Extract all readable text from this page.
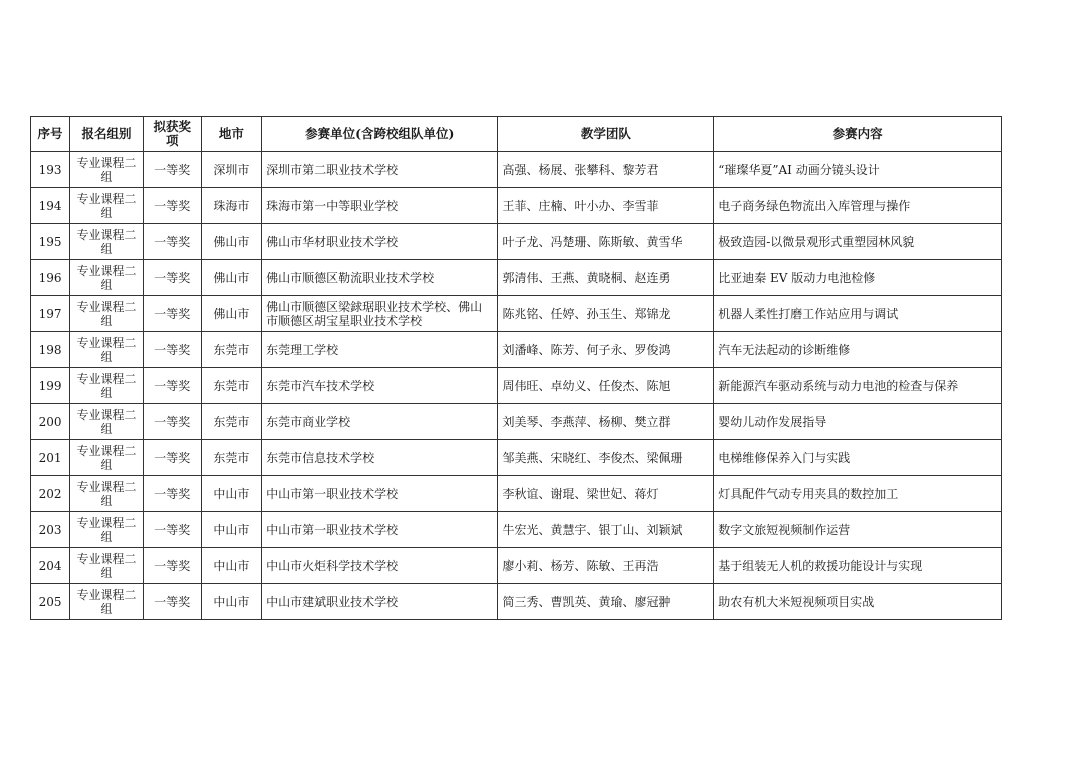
序号	报名组别	拟获奖项	地市	参赛单位(含跨校组队单位)	教学团队	参赛内容
193	专业课程二组	一等奖	深圳市	深圳市第二职业技术学校	高强、杨展、张攀科、黎芳君	“璀璨华夏”AI 动画分镜头设计
194	专业课程二组	一等奖	珠海市	珠海市第一中等职业学校	王菲、庄楠、叶小办、李雪菲	电子商务绿色物流出入库管理与操作
195	专业课程二组	一等奖	佛山市	佛山市华材职业技术学校	叶子龙、冯楚珊、陈斯敏、黄雪华	极致造园-以微景观形式重塑园林风貌
196	专业课程二组	一等奖	佛山市	佛山市顺德区勒流职业技术学校	郭清伟、王燕、黄晓桐、赵连勇	比亚迪秦 EV 版动力电池检修
197	专业课程二组	一等奖	佛山市	佛山市顺德区梁銶琚职业技术学校、佛山市顺德区胡宝星职业技术学校	陈兆铭、任婷、孙玉生、郑锦龙	机器人柔性打磨工作站应用与调试
198	专业课程二组	一等奖	东莞市	东莞理工学校	刘潘峰、陈芳、何子永、罗俊鸿	汽车无法起动的诊断维修
199	专业课程二组	一等奖	东莞市	东莞市汽车技术学校	周伟旺、卓幼义、任俊杰、陈旭	新能源汽车驱动系统与动力电池的检查与保养
200	专业课程二组	一等奖	东莞市	东莞市商业学校	刘美琴、李燕萍、杨柳、樊立群	婴幼儿动作发展指导
201	专业课程二组	一等奖	东莞市	东莞市信息技术学校	邹美燕、宋晓红、李俊杰、梁佩珊	电梯维修保养入门与实践
202	专业课程二组	一等奖	中山市	中山市第一职业技术学校	李秋谊、谢琨、梁世妃、蒋灯	灯具配件气动专用夹具的数控加工
203	专业课程二组	一等奖	中山市	中山市第一职业技术学校	牛宏光、黄慧宇、银丁山、刘颖斌	数字文旅短视频制作运营
204	专业课程二组	一等奖	中山市	中山市火炬科学技术学校	廖小莉、杨芳、陈敏、王再浩	基于组装无人机的救援功能设计与实现
205	专业课程二组	一等奖	中山市	中山市建斌职业技术学校	简三秀、曹凯英、黄瑜、廖冠翀	助农有机大米短视频项目实战
